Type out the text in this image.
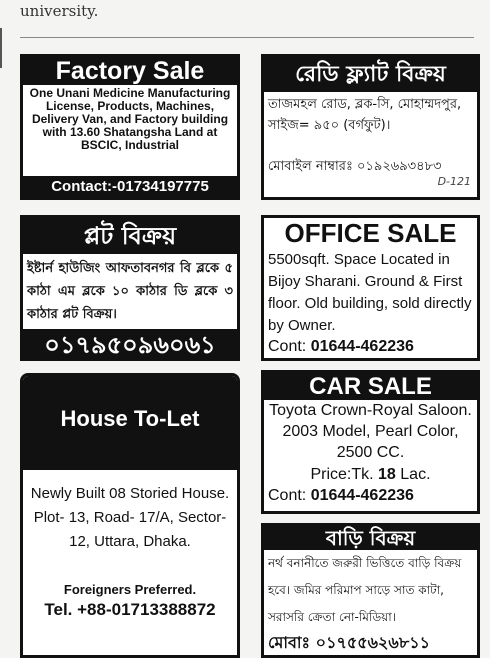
university.
Factory Sale
One Unani Medicine Manufacturing License, Products, Machines, Delivery Van, and Factory building with 13.60 Shatangsha Land at BSCIC, Industrial
Contact:-01734197775
রেডি ফ্ল্যাট বিক্রয়
তাজমহল রোড, ব্লক-সি, মোহাম্মদপুর, সাইজ= ৯৫০ (বর্গফুট)।
মোবাইল নাম্বারঃ ০১৯২৬৯৩৪৮৩
D-121
প্লট বিক্রয়
ইষ্টার্ন হাউজিং আফতাবনগর বি ব্লকে ৫ কাঠা এম ব্লকে ১০ কাঠার ডি ব্লকে ৩ কাঠার প্লট বিক্রয়।
০১৭৯৫০৯৬০৬১
OFFICE SALE
5500sqft. Space Located in Bijoy Sharani. Ground & First floor. Old building, sold directly by Owner.
Cont: 01644-462236
House To-Let
Newly Built 08 Storied House. Plot- 13, Road- 17/A, Sector-12, Uttara, Dhaka.
Foreigners Preferred.
Tel. +88-01713388872
CAR SALE
Toyota Crown-Royal Saloon. 2003 Model, Pearl Color, 2500 CC.
Price:Tk. 18 Lac.
Cont: 01644-462236
বাড়ি বিক্রয়
নর্থ বনানীতে জরুরী ভিত্তিতে বাড়ি বিক্রয় হবে। জমির পরিমাপ সাড়ে সাত কাটা, সরাসরি ক্রেতা নো-মিডিয়া।
মোবাঃ ০১৭৫৫৬২৬৮১১
